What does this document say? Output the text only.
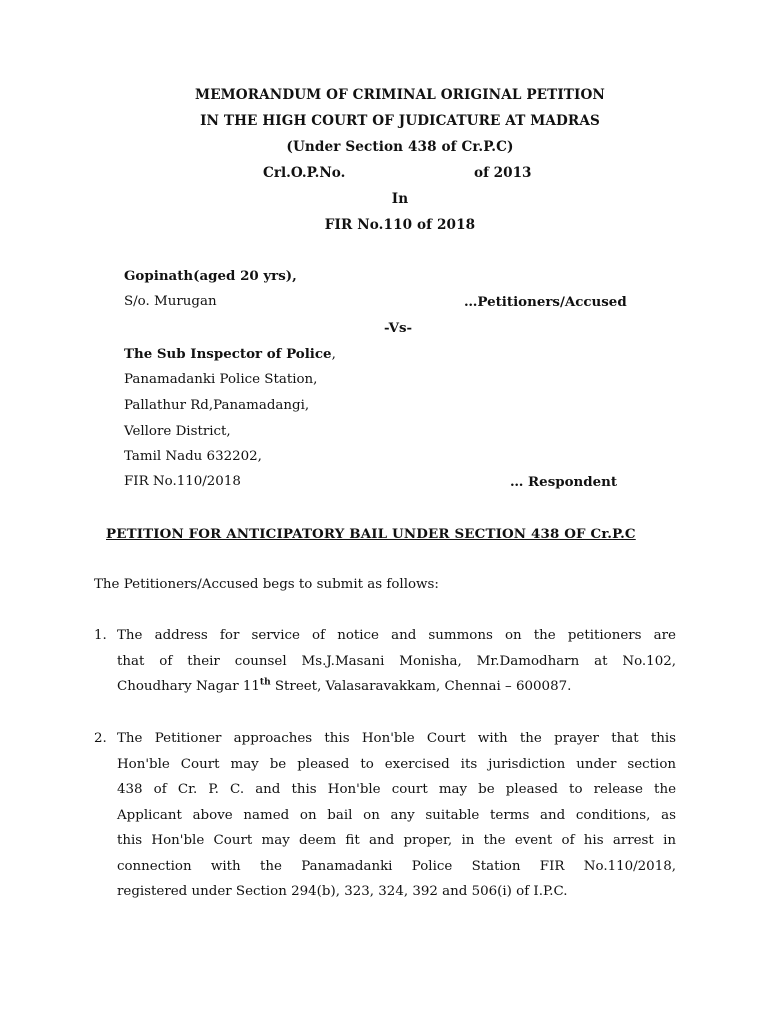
MEMORANDUM OF CRIMINAL ORIGINAL PETITION
IN THE HIGH COURT OF JUDICATURE AT MADRAS
(Under Section 438 of Cr.P.C)
Crl.O.P.No.	of 2013
In
FIR No.110 of 2018
Gopinath(aged 20 yrs),
S/o. Murugan	…Petitioners/Accused
-Vs-
The Sub Inspector of Police,
Panamadanki Police Station,
Pallathur Rd,Panamadangi,
Vellore District,
Tamil Nadu 632202,
FIR No.110/2018	… Respondent
PETITION FOR ANTICIPATORY BAIL UNDER SECTION 438 OF Cr.P.C
The Petitioners/Accused begs to submit as follows:
1. The address for service of notice and summons on the petitioners are
that of their counsel Ms.J.Masani Monisha, Mr.Damodharn at No.102,
Choudhary Nagar 11th Street, Valasaravakkam, Chennai – 600087.
2. The Petitioner approaches this Hon'ble Court with the prayer that this
Hon'ble Court may be pleased to exercised its jurisdiction under section
438 of Cr. P. C. and this Hon'ble court may be pleased to release the
Applicant above named on bail on any suitable terms and conditions, as
this Hon'ble Court may deem fit and proper, in the event of his arrest in
connection with the Panamadanki Police Station FIR No.110/2018,
registered under Section 294(b), 323, 324, 392 and 506(i) of I.P.C.
